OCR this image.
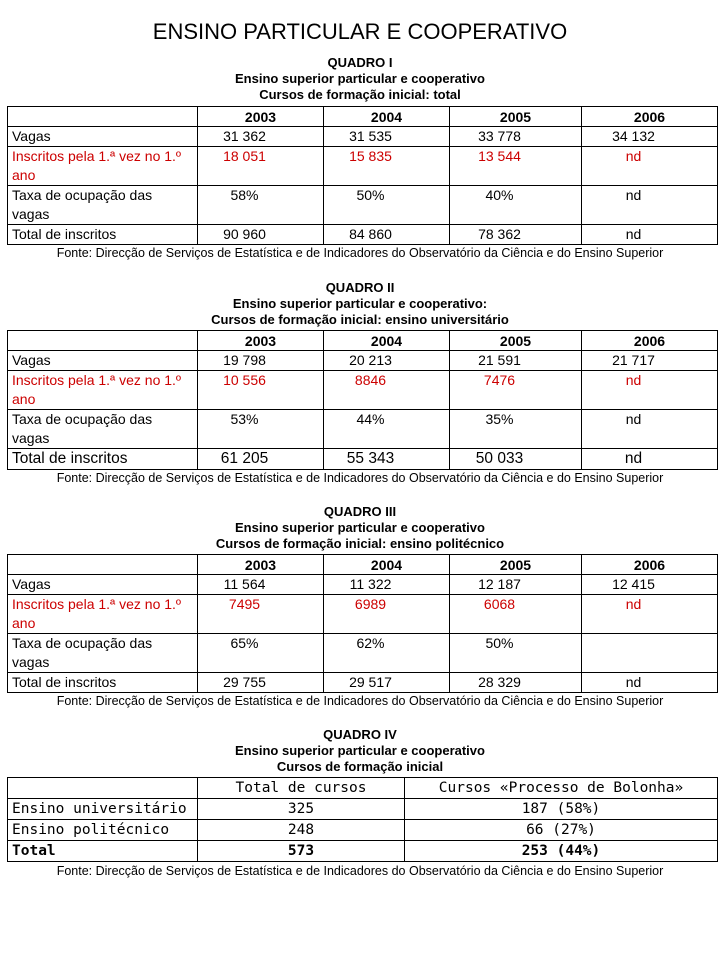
ENSINO PARTICULAR E COOPERATIVO
QUADRO I
Ensino superior particular e cooperativo
Cursos de formação inicial: total
	2003	2004	2005	2006
Vagas	31 362	31 535	33 778	34 132
Inscritos pela 1.ª vez no 1.º ano	18 051	15 835	13 544	nd
Taxa de ocupação das vagas	58%	50%	40%	nd
Total de inscritos	90 960	84 860	78 362	nd
Fonte: Direcção de Serviços de Estatística e de Indicadores do Observatório da Ciência e do Ensino Superior
QUADRO II
Ensino superior particular e cooperativo:
Cursos de formação inicial: ensino universitário
	2003	2004	2005	2006
Vagas	19 798	20 213	21 591	21 717
Inscritos pela 1.ª vez no 1.º ano	10 556	8846	7476	nd
Taxa de ocupação das vagas	53%	44%	35%	nd
Total de inscritos	61 205	55 343	50 033	nd
Fonte: Direcção de Serviços de Estatística e de Indicadores do Observatório da Ciência e do Ensino Superior
QUADRO III
Ensino superior particular e cooperativo
Cursos de formação inicial: ensino politécnico
	2003	2004	2005	2006
Vagas	11 564	11 322	12 187	12 415
Inscritos pela 1.ª vez no 1.º ano	7495	6989	6068	nd
Taxa de ocupação das vagas	65%	62%	50%	
Total de inscritos	29 755	29 517	28 329	nd
Fonte: Direcção de Serviços de Estatística e de Indicadores do Observatório da Ciência e do Ensino Superior
QUADRO IV
Ensino superior particular e cooperativo
Cursos de formação inicial
	Total de cursos	Cursos «Processo de Bolonha»
Ensino universitário	325	187 (58%)
Ensino politécnico	248	66 (27%)
Total	573	253 (44%)
Fonte: Direcção de Serviços de Estatística e de Indicadores do Observatório da Ciência e do Ensino Superior
